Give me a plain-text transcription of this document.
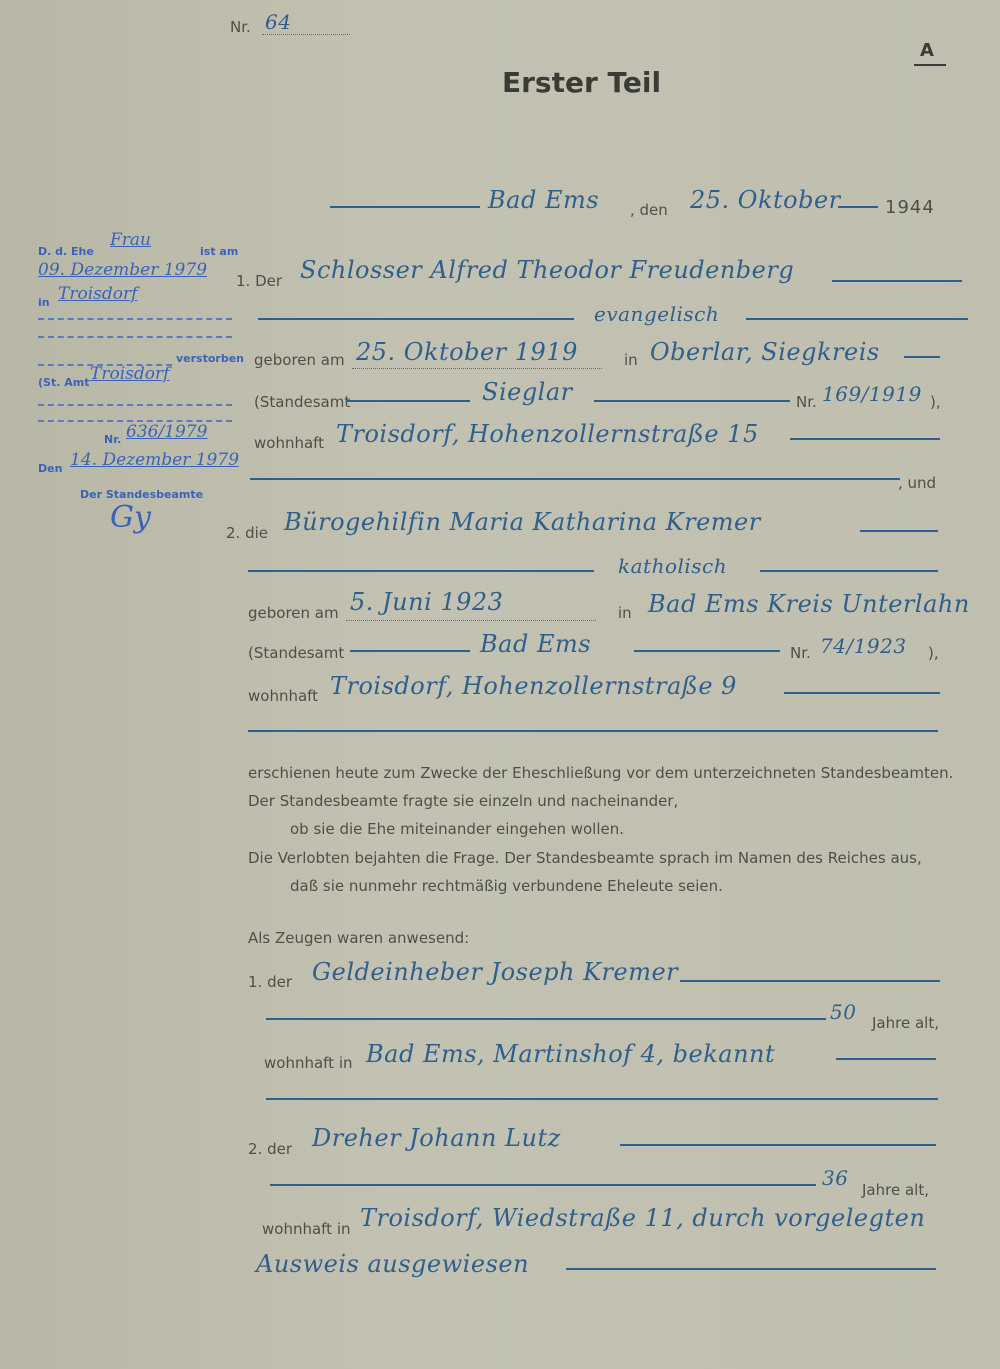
Nr. 64
Erster Teil
A
Bad Ems , den 25. Oktober 1944
D. d. Ehe
Frau
ist am
09. Dezember 1979
in Troisdorf
verstorben
(St. Amt Troisdorf
Nr. 636/1979
Den 14. Dezember 1979
Der Standesbeamte
Gy
1. Der Schlosser Alfred Theodor Freudenberg
evangelisch
geboren am 25. Oktober 1919	in Oberlar, Siegkreis
(Standesamt	Sieglar	Nr. 169/1919 ),
wohnhaft Troisdorf, Hohenzollernstraße 15
, und
2. die Bürogehilfin Maria Katharina Kremer
katholisch
geboren am 5. Juni 1923	in Bad Ems Kreis Unterlahn
(Standesamt	Bad Ems	Nr. 74/1923 ),
wohnhaft Troisdorf, Hohenzollernstraße 9
erschienen heute zum Zwecke der Eheschließung vor dem unterzeichneten Standesbeamten.
Der Standesbeamte fragte sie einzeln und nacheinander,
ob sie die Ehe miteinander eingehen wollen.
Die Verlobten bejahten die Frage. Der Standesbeamte sprach im Namen des Reiches aus,
daß sie nunmehr rechtmäßig verbundene Eheleute seien.
Als Zeugen waren anwesend:
1. der Geldeinheber Joseph Kremer
50 Jahre alt,
wohnhaft in Bad Ems, Martinshof 4, bekannt
2. der Dreher Johann Lutz
36 Jahre alt,
wohnhaft in Troisdorf, Wiedstraße 11, durch vorgelegten
Ausweis ausgewiesen
